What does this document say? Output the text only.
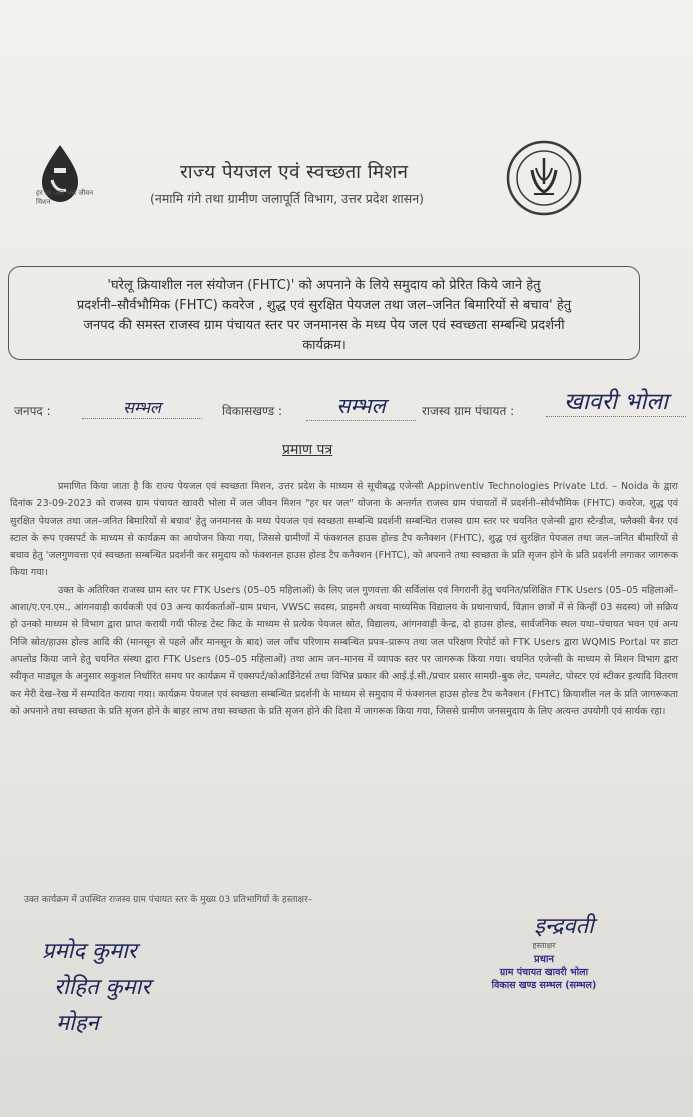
हर घर जल जल जीवन मिशन
राज्य पेयजल एवं स्वच्छता मिशन
(नमामि गंगे तथा ग्रामीण जलापूर्ति विभाग, उत्तर प्रदेश शासन)
'घरेलू क्रियाशील नल संयोजन (FHTC)' को अपनाने के लिये समुदाय को प्रेरित किये जाने हेतु
प्रदर्शनी–सौर्वभौमिक (FHTC) कवरेज , शुद्ध एवं सुरक्षित पेयजल तथा जल–जनित बिमारियों से बचाव' हेतु
जनपद की समस्त राजस्व ग्राम पंचायत स्तर पर जनमानस के मध्य पेय जल एवं स्वच्छता सम्बन्धि प्रदर्शनी
कार्यक्रम।
जनपद :	सम्भल	विकासखण्ड :	सम्भल	राजस्व ग्राम पंचायत :	खावरी भोला
प्रमाण पत्र

प्रमाणित किया जाता है कि राज्य पेयजल एवं स्वच्छता मिशन, उत्तर प्रदेश के माध्यम से सूचीबद्ध एजेन्सी Appinventiv Technologies Private Ltd. – Noida के द्वारा दिनांक 23-09-2023 को राजस्व ग्राम पंचायत खावरी भोला में जल जीवन मिशन "हर घर जल" योजना के अन्तर्गत राजस्व ग्राम पंचायतों में प्रदर्शनी–सौर्वभौमिक (FHTC) कवरेज, शुद्ध एवं सुरक्षित पेयजल तथा जल–जनित बिमारियों से बचाव' हेतु जनमानस के मध्य पेयजल एवं स्वच्छता सम्बन्धि प्रदर्शनी सम्बन्धित राजस्व ग्राम स्तर पर चयनित एजेन्सी द्वारा स्टैन्डीज, फ्लैक्सी बैनर एवं स्टाल के रूप एक्सपर्ट के माध्यम से कार्यक्रम का आयोजन किया गया, जिससे ग्रामीणों में फंक्शनल हाउस होल्ड टैप कनैक्शन (FHTC), शुद्ध एवं सुरक्षित पेयजल तथा जल–जनित बीमारियों से बचाव हेतु 'जलगुणवत्ता एवं स्वच्छता सम्बन्धित प्रदर्शनी कर समुदाय को फंक्शनल हाउस होल्ड टैप कनैक्शन (FHTC), को अपनाने तथा स्वच्छता के प्रति सृजन होने के प्रति प्रदर्शनी लगाकर जागरूक किया गया।

उक्त के अतिरिक्त राजस्व ग्राम स्तर पर FTK Users (05–05 महिलाओं) के लिए जल गुणवत्ता की सर्विलांस एवं निगरानी हेतु चयनित/प्रशिक्षित FTK Users (05–05 महिलाओं–आशा/ए.एन.एम., आंगनवाड़ी कार्यकत्री एवं 03 अन्य कार्यकर्ताओं–ग्राम प्रधान, VWSC सदस्य, प्राइमरी अथवा माध्यमिक विद्यालय के प्रधानाचार्य, विज्ञान छात्रों में से किन्हीं 03 सदस्य) जो सक्रिय हो उनको माध्यम से विभाग द्वारा प्राप्त करायी गयी फील्ड टेस्ट किट के माध्यम से प्रत्येक पेयजल स्रोत, विद्यालय, आंगनवाड़ी केन्द्र, दो हाउस होल्ड, सार्वजनिक स्थल यथा–पंचायत भवन एवं अन्य निजि स्रोत/हाउस होल्ड आदि की (मानसून से पहले और मानसून के बाद) जल जाँच परिणाम सम्बन्धित प्रपत्र–प्रारूप तथा जल परिक्षण रिपोर्ट को FTK Users द्वारा WQMIS Portal पर डाटा अपलोड किया जाने हेतु चयनित संस्था द्वारा FTK Users (05–05 महिलाओं) तथा आम जन–मानस में व्यापक स्तर पर जागरूक किया गया। चयनित एजेन्सी के माध्यम से मिशन विभाग द्वारा स्वीकृत माड्यूल के अनुसार सकुशल निर्धारित समय पर कार्यक्रम में एक्सपर्ट/कोआर्डिनेटर्स तथा विभिन्न प्रकार की आई.ई.सी./प्रचार प्रसार सामग्री–बुक लेट, पम्पलेट, पोस्टर एवं स्टीकर इत्यादि वितरण कर मेरी देख–रेख में सम्पादित कराया गया। कार्यक्रम पेयजल एवं स्वच्छता सम्बन्धित प्रदर्शनी के माध्यम से समुदाय में फंक्शनल हाउस होल्ड टैप कनैक्शन (FHTC) क्रियाशील नल के प्रति जागरूकता को अपनाने तथा स्वच्छता के प्रति सृजन होने के बाहर लाभ तथा स्वच्छता के प्रति सृजन होने की दिशा में जागरूक किया गया, जिससे ग्रामीण जनसमुदाय के लिए अत्यन्त उपयोगी एवं सार्थक रहा।

उक्त कार्यक्रम में उपस्थित राजस्व ग्राम पंचायत स्तर के मुख्य 03 प्रतिभागियों के हस्ताक्षर–
प्रमोद कुमार
रोहित कुमार
मोहन
इन्द्रवती
हस्ताक्षर
प्रधान
ग्राम पंचायत खावरी भोला
विकास खण्ड सम्भल (सम्भल)
